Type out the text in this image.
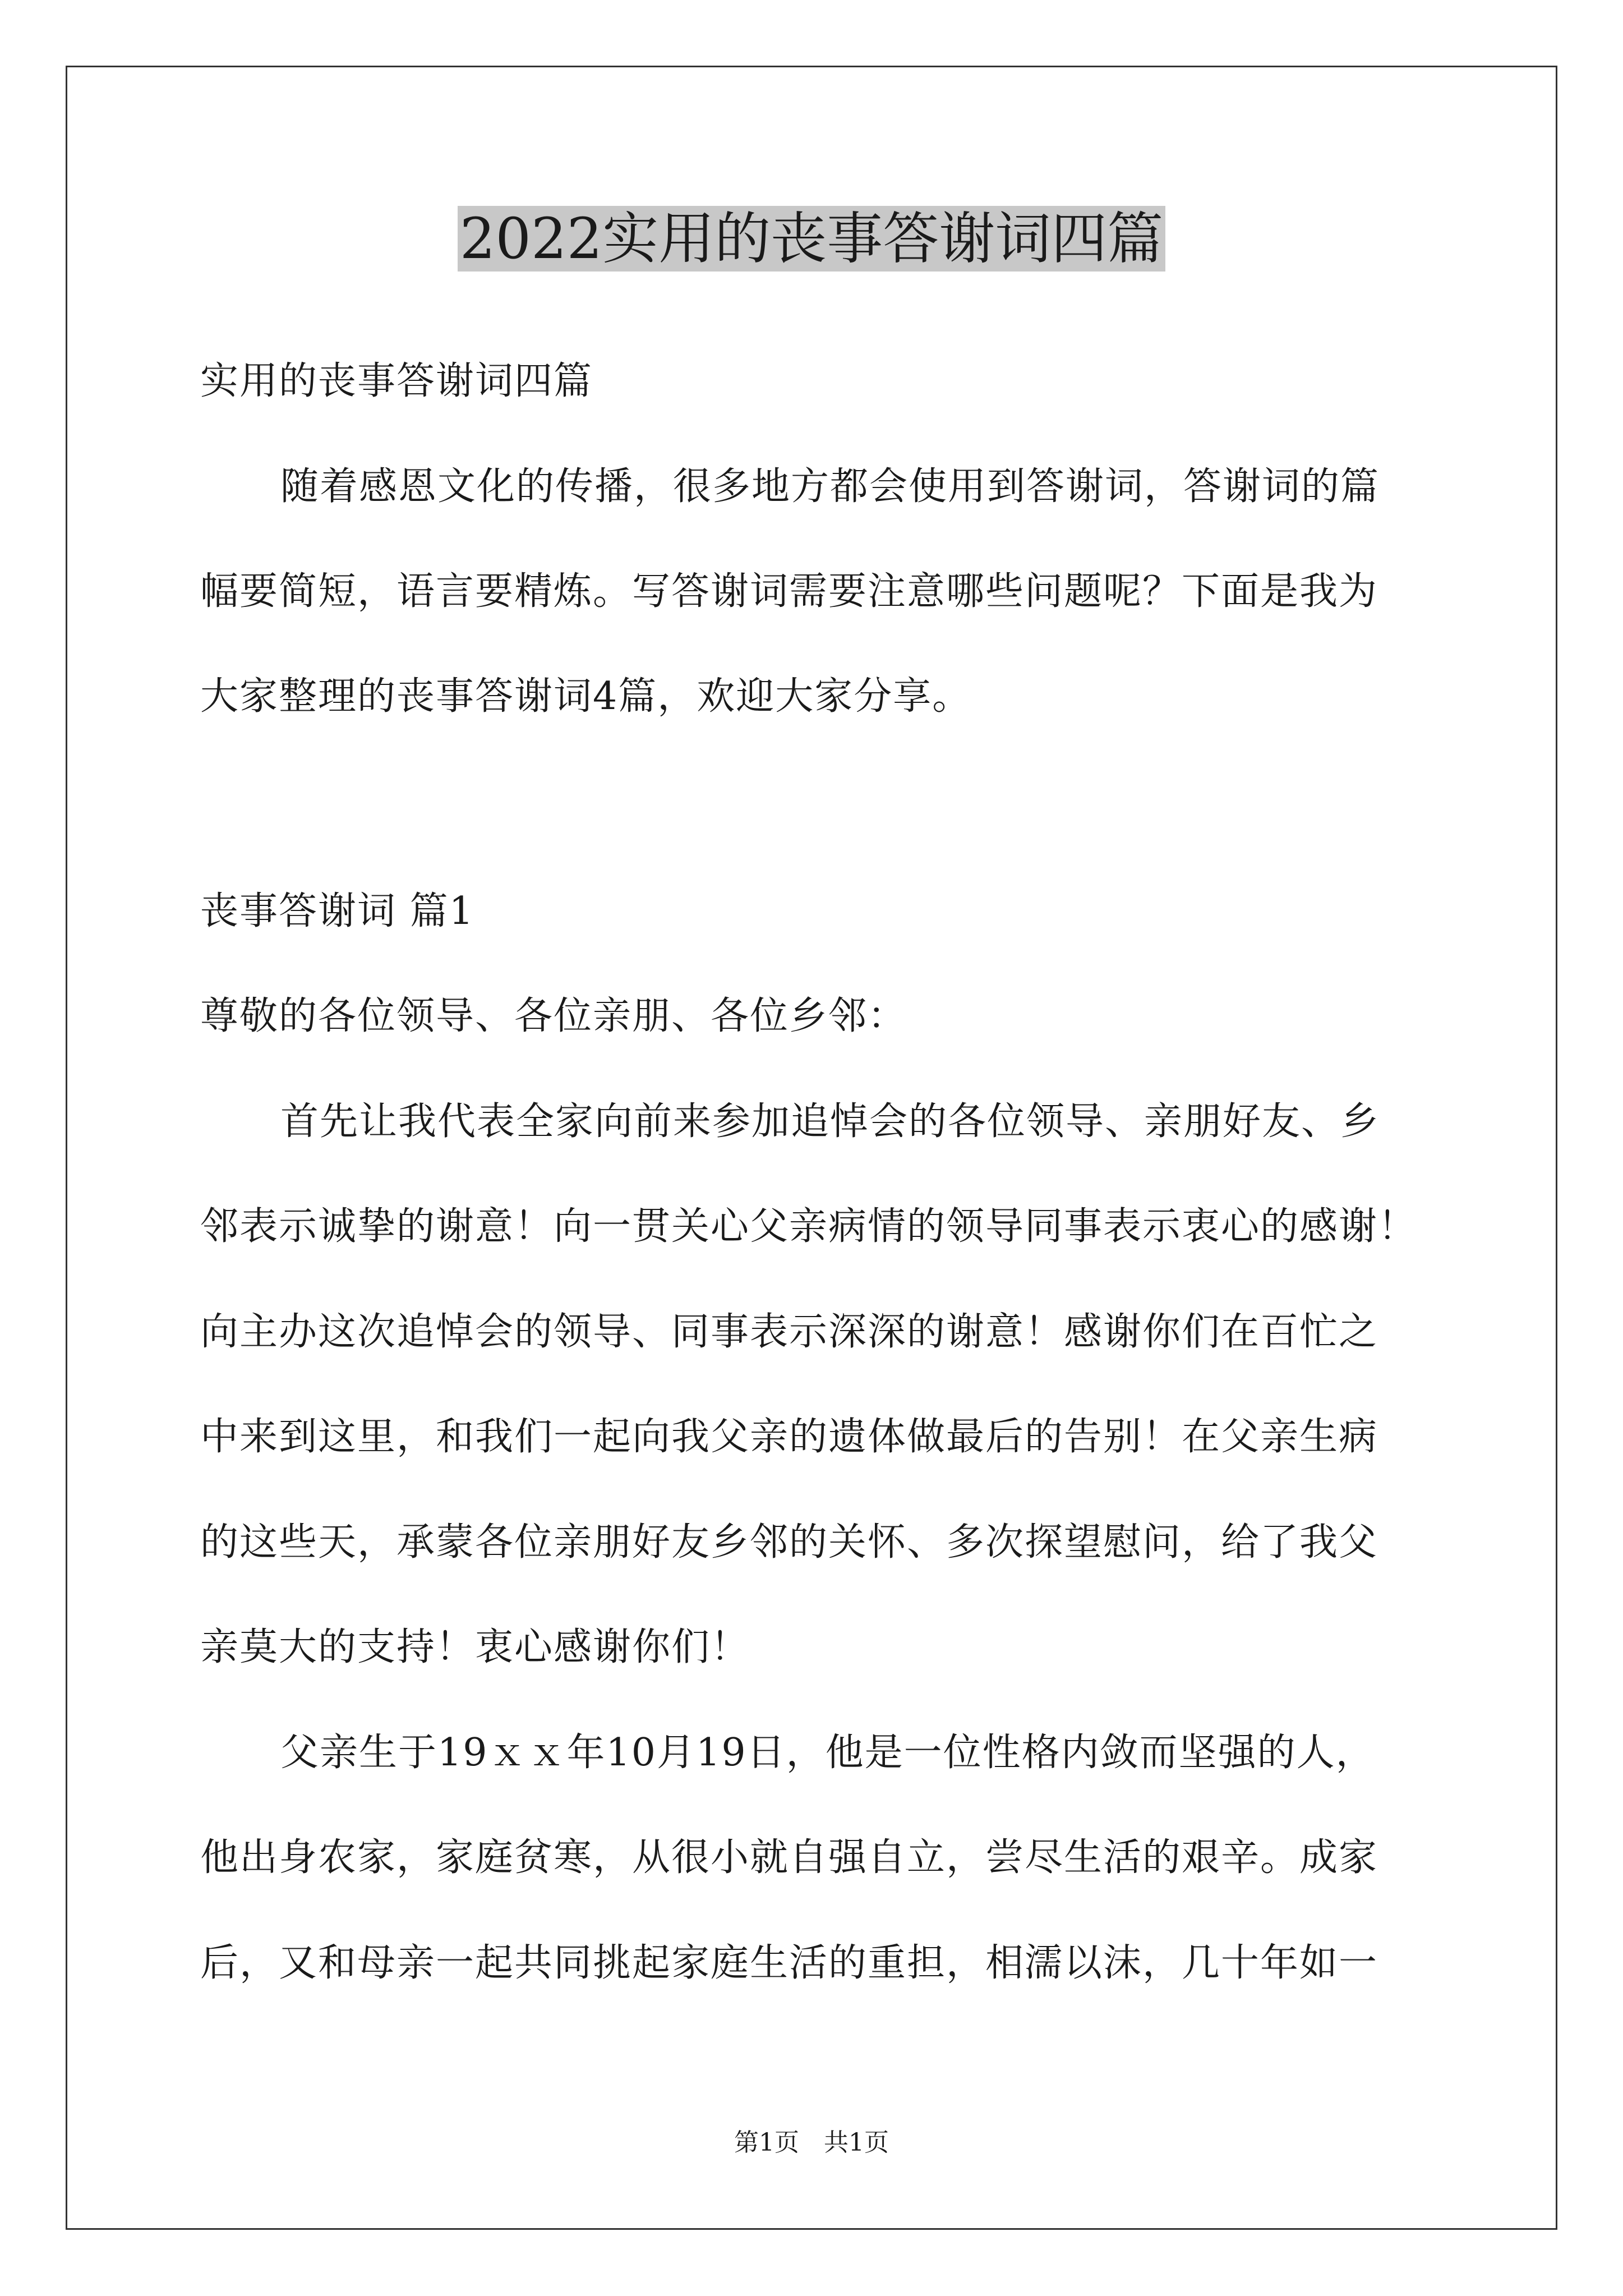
2022实用的丧事答谢词四篇
实用的丧事答谢词四篇
随着感恩文化的传播，很多地方都会使用到答谢词，答谢词的篇
幅要简短，语言要精炼。写答谢词需要注意哪些问题呢？下面是我为
大家整理的丧事答谢词4篇，欢迎大家分享。
丧事答谢词 篇1
尊敬的各位领导、各位亲朋、各位乡邻：
首先让我代表全家向前来参加追悼会的各位领导、亲朋好友、乡
邻表示诚挚的谢意！向一贯关心父亲病情的领导同事表示衷心的感谢！
向主办这次追悼会的领导、同事表示深深的谢意！感谢你们在百忙之
中来到这里，和我们一起向我父亲的遗体做最后的告别！在父亲生病
的这些天，承蒙各位亲朋好友乡邻的关怀、多次探望慰问，给了我父
亲莫大的支持！衷心感谢你们！
父亲生于19ｘｘ年10月19日，他是一位性格内敛而坚强的人，
他出身农家，家庭贫寒，从很小就自强自立，尝尽生活的艰辛。成家
后，又和母亲一起共同挑起家庭生活的重担，相濡以沫，几十年如一
第1页　共1页
